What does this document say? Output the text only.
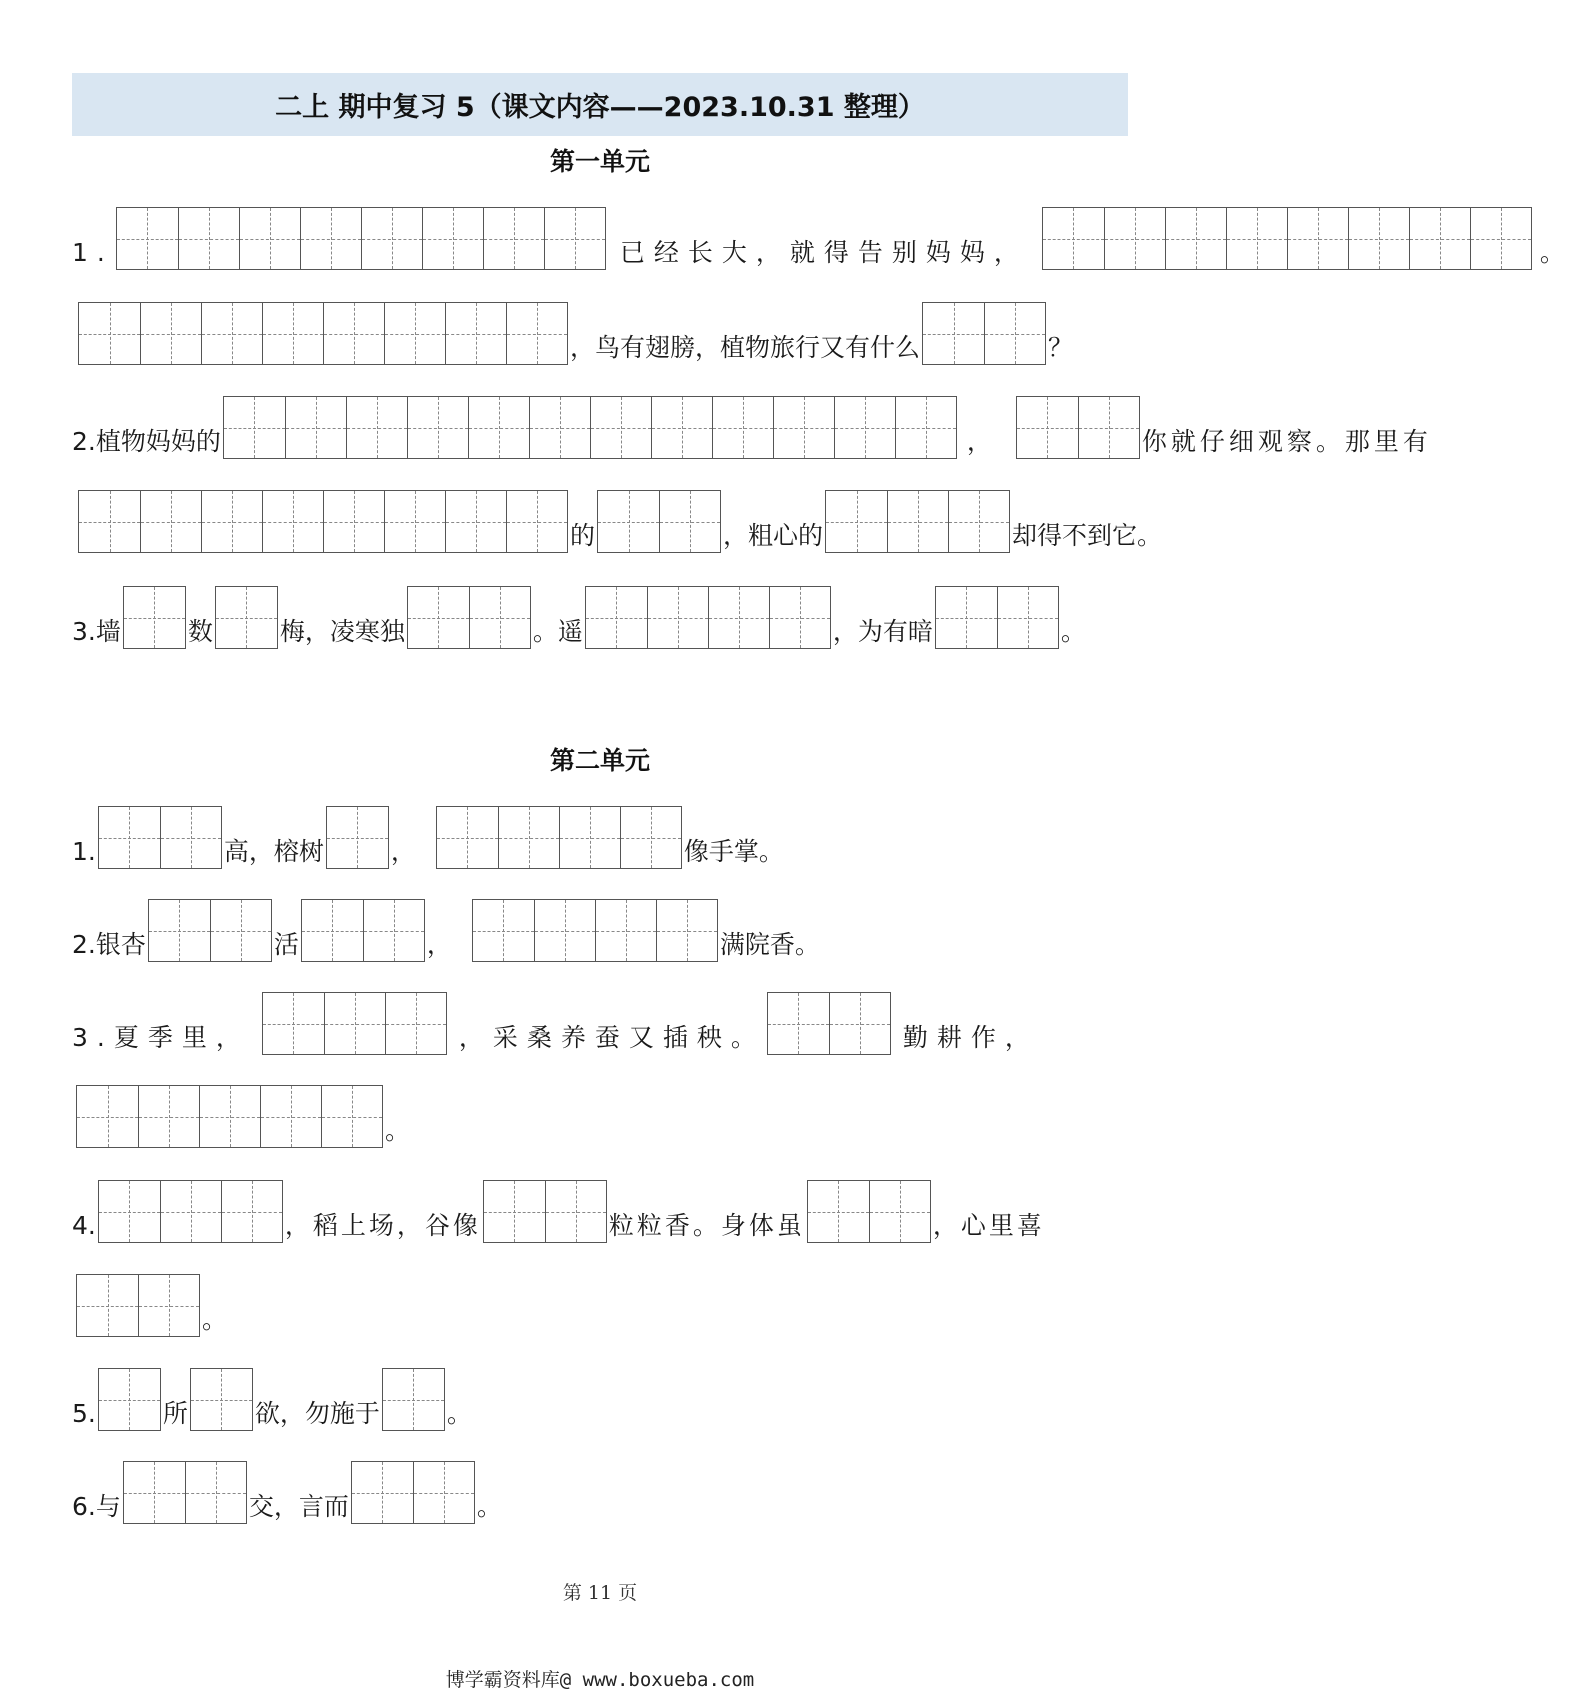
二上 期中复习 5（课文内容——2023.10.31 整理）
第一单元
1.	已经长大，就得告别妈妈，	。
，鸟有翅膀，植物旅行又有什么	？
2.植物妈妈的	，	你就仔细观察。那里有
的	，粗心的	却得不到它。
3.墙	数	梅，凌寒独	。遥	，为有暗	。
第二单元
1.	高，榕树	，	像手掌。
2.银杏	活	，	满院香。
3.夏季里，	，采桑养蚕又插秧。	勤耕作，
。
4.	，稻上场，谷像	粒粒香。身体虽	，心里喜
。
5.	所	欲，勿施于	。
6.与	交，言而	。
第 11 页
博学霸资料库@ www.boxueba.com
